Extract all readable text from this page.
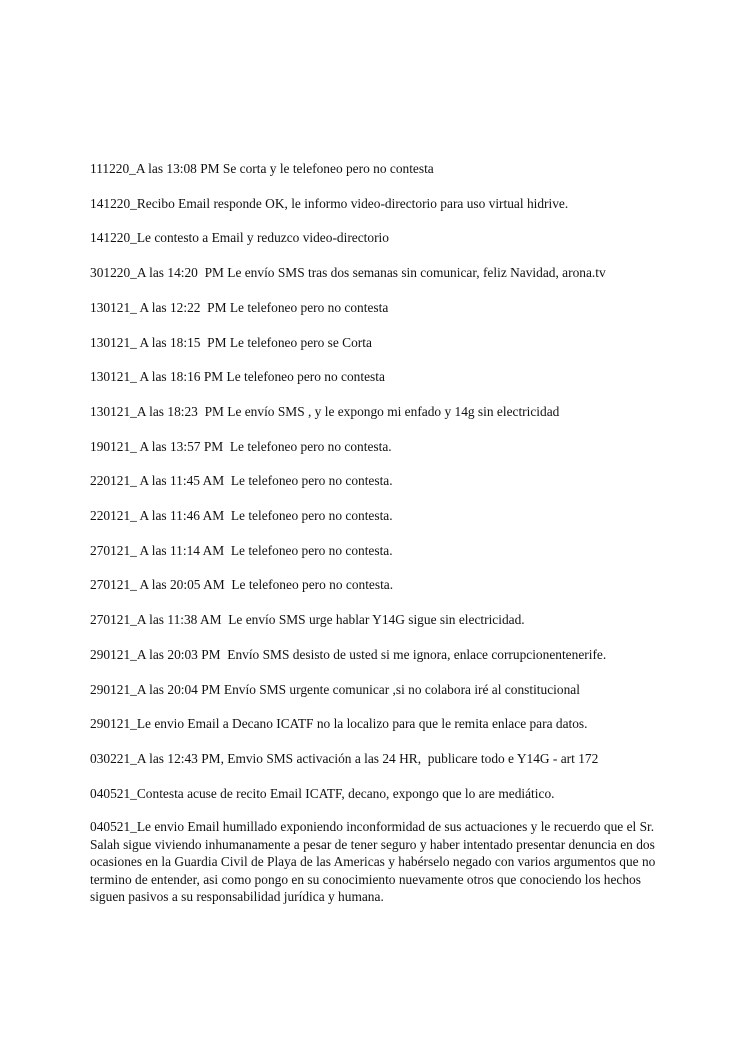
111220_A las 13:08 PM Se corta y le telefoneo pero no contesta

141220_Recibo Email responde OK, le informo video-directorio para uso virtual hidrive.

141220_Le contesto a Email y reduzco video-directorio

301220_A las 14:20  PM Le envío SMS tras dos semanas sin comunicar, feliz Navidad, arona.tv

130121_ A las 12:22  PM Le telefoneo pero no contesta

130121_ A las 18:15  PM Le telefoneo pero se Corta

130121_ A las 18:16 PM Le telefoneo pero no contesta

130121_A las 18:23  PM Le envío SMS , y le expongo mi enfado y 14g sin electricidad

190121_ A las 13:57 PM  Le telefoneo pero no contesta.

220121_ A las 11:45 AM  Le telefoneo pero no contesta.

220121_ A las 11:46 AM  Le telefoneo pero no contesta.

270121_ A las 11:14 AM  Le telefoneo pero no contesta.

270121_ A las 20:05 AM  Le telefoneo pero no contesta.

270121_A las 11:38 AM  Le envío SMS urge hablar Y14G sigue sin electricidad.

290121_A las 20:03 PM  Envío SMS desisto de usted si me ignora, enlace corrupcionentenerife.

290121_A las 20:04 PM Envío SMS urgente comunicar ,si no colabora iré al constitucional

290121_Le envio Email a Decano ICATF no la localizo para que le remita enlace para datos.

030221_A las 12:43 PM, Emvio SMS activación a las 24 HR,  publicare todo e Y14G - art 172

040521_Contesta acuse de recito Email ICATF, decano, expongo que lo are mediático.

040521_Le envio Email humillado exponiendo inconformidad de sus actuaciones y le recuerdo que el Sr. Salah sigue viviendo inhumanamente a pesar de tener seguro y haber intentado presentar denuncia en dos ocasiones en la Guardia Civil de Playa de las Americas y habérselo negado con varios argumentos que no termino de entender, asi como pongo en su conocimiento nuevamente otros que conociendo los hechos siguen pasivos a su responsabilidad jurídica y humana.
